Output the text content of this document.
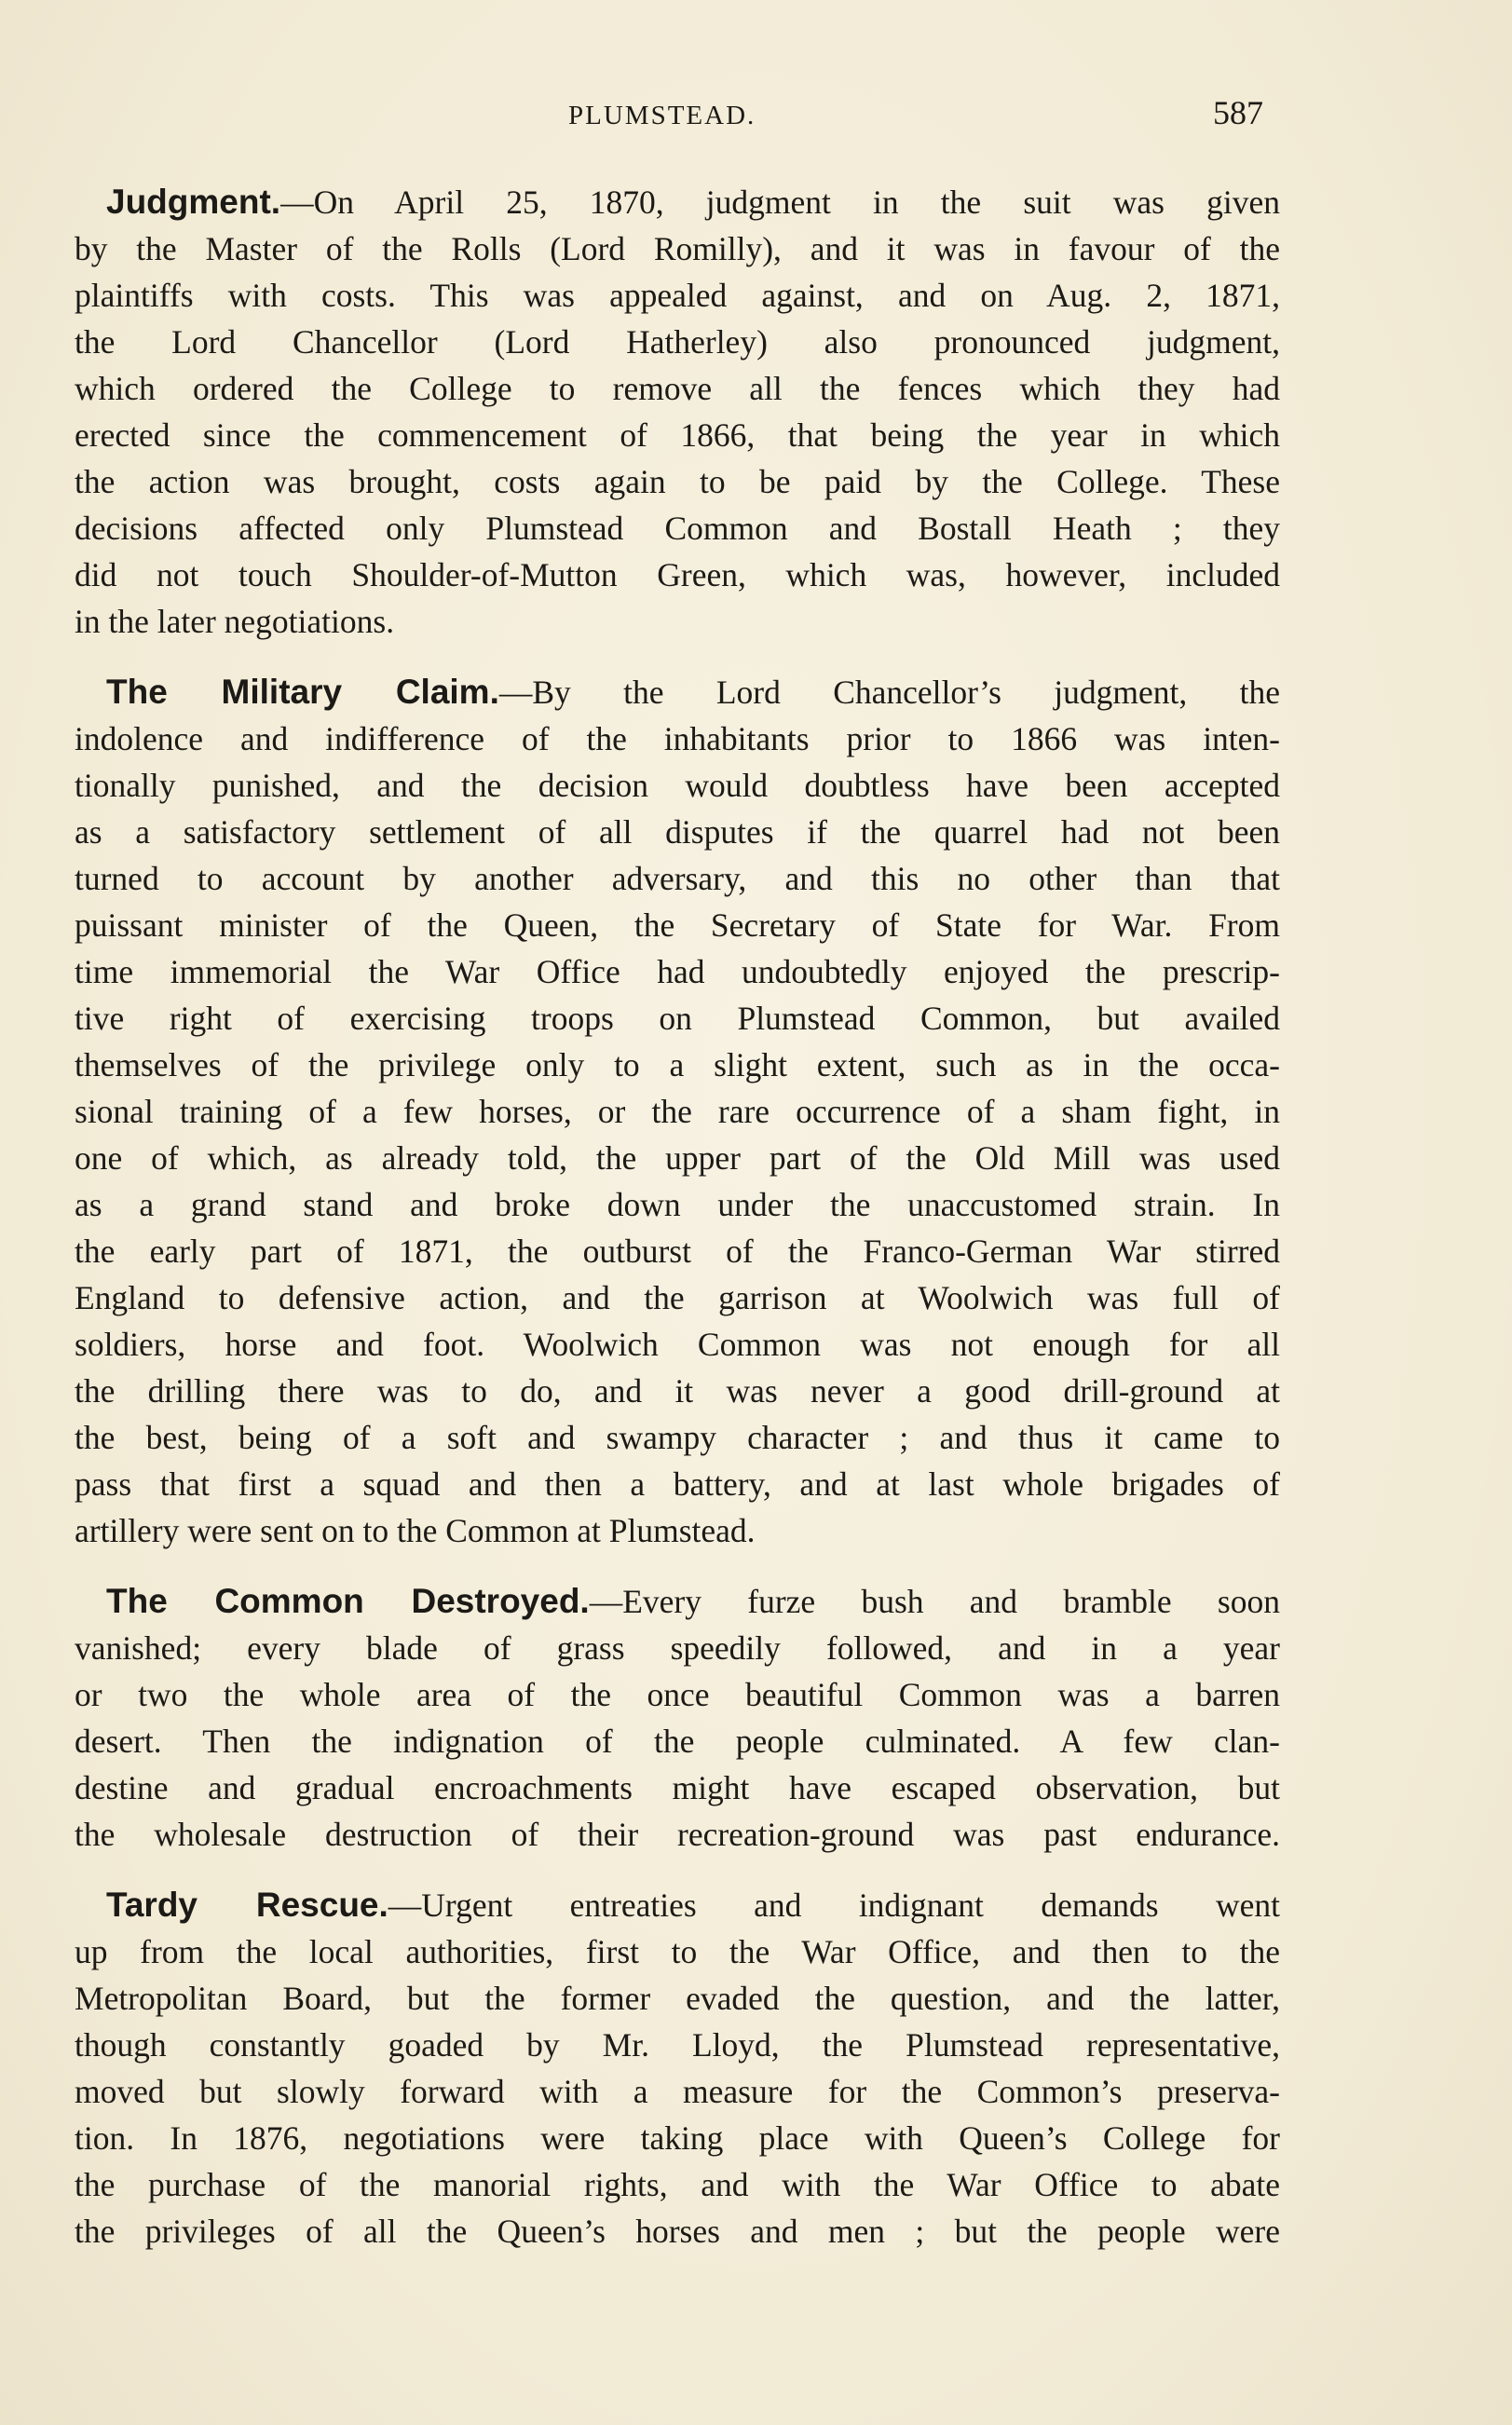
PLUMSTEAD.	587
Judgment.—On April 25, 1870, judgment in the suit was given
by the Master of the Rolls (Lord Romilly), and it was in favour of the
plaintiffs with costs. This was appealed against, and on Aug. 2, 1871,
the Lord Chancellor (Lord Hatherley) also pronounced judgment,
which ordered the College to remove all the fences which they had
erected since the commencement of 1866, that being the year in which
the action was brought, costs again to be paid by the College. These
decisions affected only Plumstead Common and Bostall Heath ; they
did not touch Shoulder-of-Mutton Green, which was, however, included
in the later negotiations.
The Military Claim.—By the Lord Chancellor’s judgment, the
indolence and indifference of the inhabitants prior to 1866 was inten-
tionally punished, and the decision would doubtless have been accepted
as a satisfactory settlement of all disputes if the quarrel had not been
turned to account by another adversary, and this no other than that
puissant minister of the Queen, the Secretary of State for War. From
time immemorial the War Office had undoubtedly enjoyed the prescrip-
tive right of exercising troops on Plumstead Common, but availed
themselves of the privilege only to a slight extent, such as in the occa-
sional training of a few horses, or the rare occurrence of a sham fight, in
one of which, as already told, the upper part of the Old Mill was used
as a grand stand and broke down under the unaccustomed strain. In
the early part of 1871, the outburst of the Franco-German War stirred
England to defensive action, and the garrison at Woolwich was full of
soldiers, horse and foot. Woolwich Common was not enough for all
the drilling there was to do, and it was never a good drill-ground at
the best, being of a soft and swampy character ; and thus it came to
pass that first a squad and then a battery, and at last whole brigades of
artillery were sent on to the Common at Plumstead.
The Common Destroyed.—Every furze bush and bramble soon
vanished; every blade of grass speedily followed, and in a year
or two the whole area of the once beautiful Common was a barren
desert. Then the indignation of the people culminated. A few clan-
destine and gradual encroachments might have escaped observation, but
the wholesale destruction of their recreation-ground was past endurance.
Tardy Rescue.—Urgent entreaties and indignant demands went
up from the local authorities, first to the War Office, and then to the
Metropolitan Board, but the former evaded the question, and the latter,
though constantly goaded by Mr. Lloyd, the Plumstead representative,
moved but slowly forward with a measure for the Common’s preserva-
tion. In 1876, negotiations were taking place with Queen’s College for
the purchase of the manorial rights, and with the War Office to abate
the privileges of all the Queen’s horses and men ; but the people were
